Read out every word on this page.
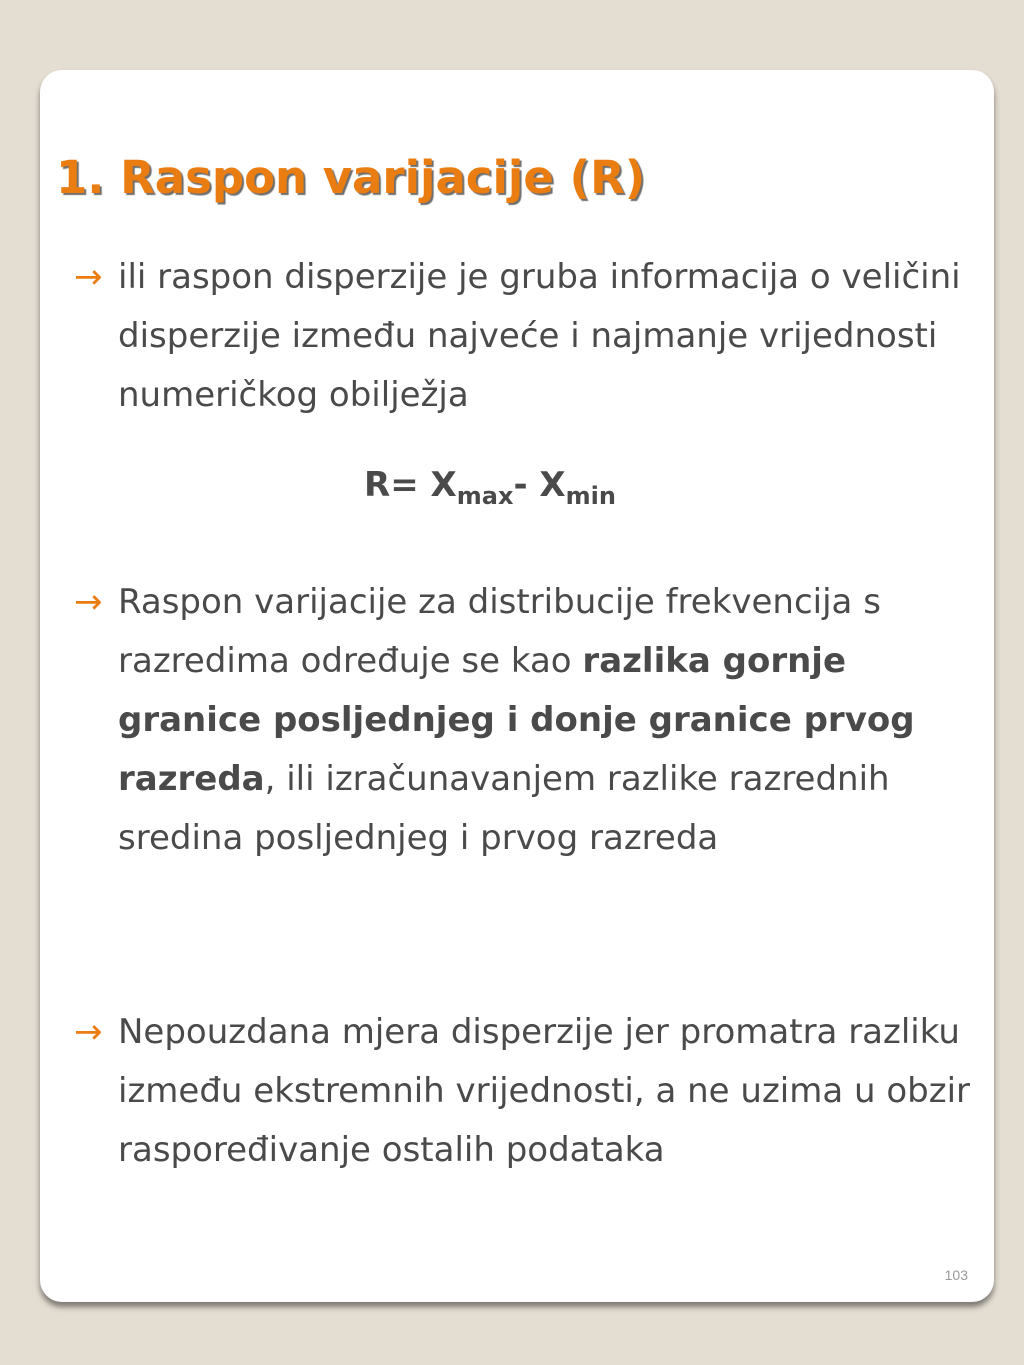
1. Raspon varijacije (R)
→ ili raspon disperzije je gruba informacija o veličini disperzije između najveće i najmanje vrijednosti numeričkog obilježja
$R= X_{max}-$ $X_{min}$
→ Raspon varijacije za distribucije frekvencija s razredima određuje se kao razlika gornje granice posljednjeg i donje granice prvog razreda, ili izračunavanjem razlike razrednih sredina posljednjeg i prvog razreda
→ Nepouzdana mjera disperzije jer promatra razliku između ekstremnih vrijednosti, a ne uzima u obzir raspoređivanje ostalih podataka
103
